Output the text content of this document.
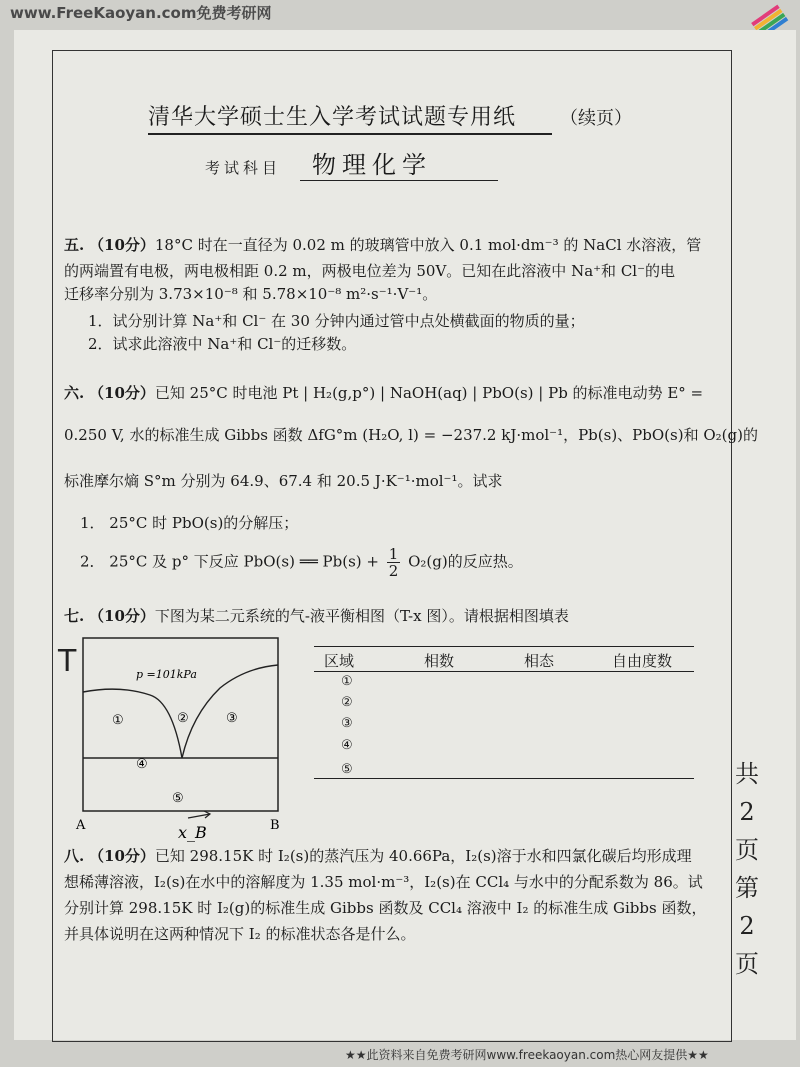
www.FreeKaoyan.com免费考研网
清华大学硕士生入学考试试题专用纸	（续页）
考试科目	物理化学
五. （10分）18°C 时在一直径为 0.02 m 的玻璃管中放入 0.1 mol·dm⁻³ 的 NaCl 水溶液，管
的两端置有电极，两电极相距 0.2 m，两极电位差为 50V。已知在此溶液中 Na⁺和 Cl⁻的电
迁移率分别为 3.73×10⁻⁸ 和 5.78×10⁻⁸ m²·s⁻¹·V⁻¹。
1．试分别计算 Na⁺和 Cl⁻ 在 30 分钟内通过管中点处横截面的物质的量；
2．试求此溶液中 Na⁺和 Cl⁻的迁移数。
六. （10分）已知 25°C 时电池 Pt | H₂(g,p°) | NaOH(aq) | PbO(s) | Pb 的标准电动势 E° =
0.250 V, 水的标准生成 Gibbs 函数 ΔfG°m (H₂O, l) = −237.2 kJ·mol⁻¹，Pb(s)、PbO(s)和 O₂(g)的
标准摩尔熵 S°m 分别为 64.9、67.4 和 20.5 J·K⁻¹·mol⁻¹。试求
1． 25°C 时 PbO(s)的分解压；
2． 25°C 及 p° 下反应 PbO(s) ══ $Pb(s) + \frac{1}{2} O_2(g)$的反应热。
七. （10分）下图为某二元系统的气-液平衡相图（T-x 图）。请根据相图填表
T	p =101kPa
①	②	③
④
⑤
A	B
x_B
区域	相数	相态	自由度数
①
②
③
④
⑤	共
2
页
第
2
页
八. （10分）已知 298.15K 时 I₂(s)的蒸汽压为 40.66Pa，I₂(s)溶于水和四氯化碳后均形成理
想稀薄溶液，I₂(s)在水中的溶解度为 1.35 mol·m⁻³，I₂(s)在 CCl₄ 与水中的分配系数为 86。试
分别计算 298.15K 时 I₂(g)的标准生成 Gibbs 函数及 CCl₄ 溶液中 I₂ 的标准生成 Gibbs 函数，
并具体说明在这两种情况下 I₂ 的标准状态各是什么。
★★此资料来自免费考研网www.freekaoyan.com热心网友提供★★
